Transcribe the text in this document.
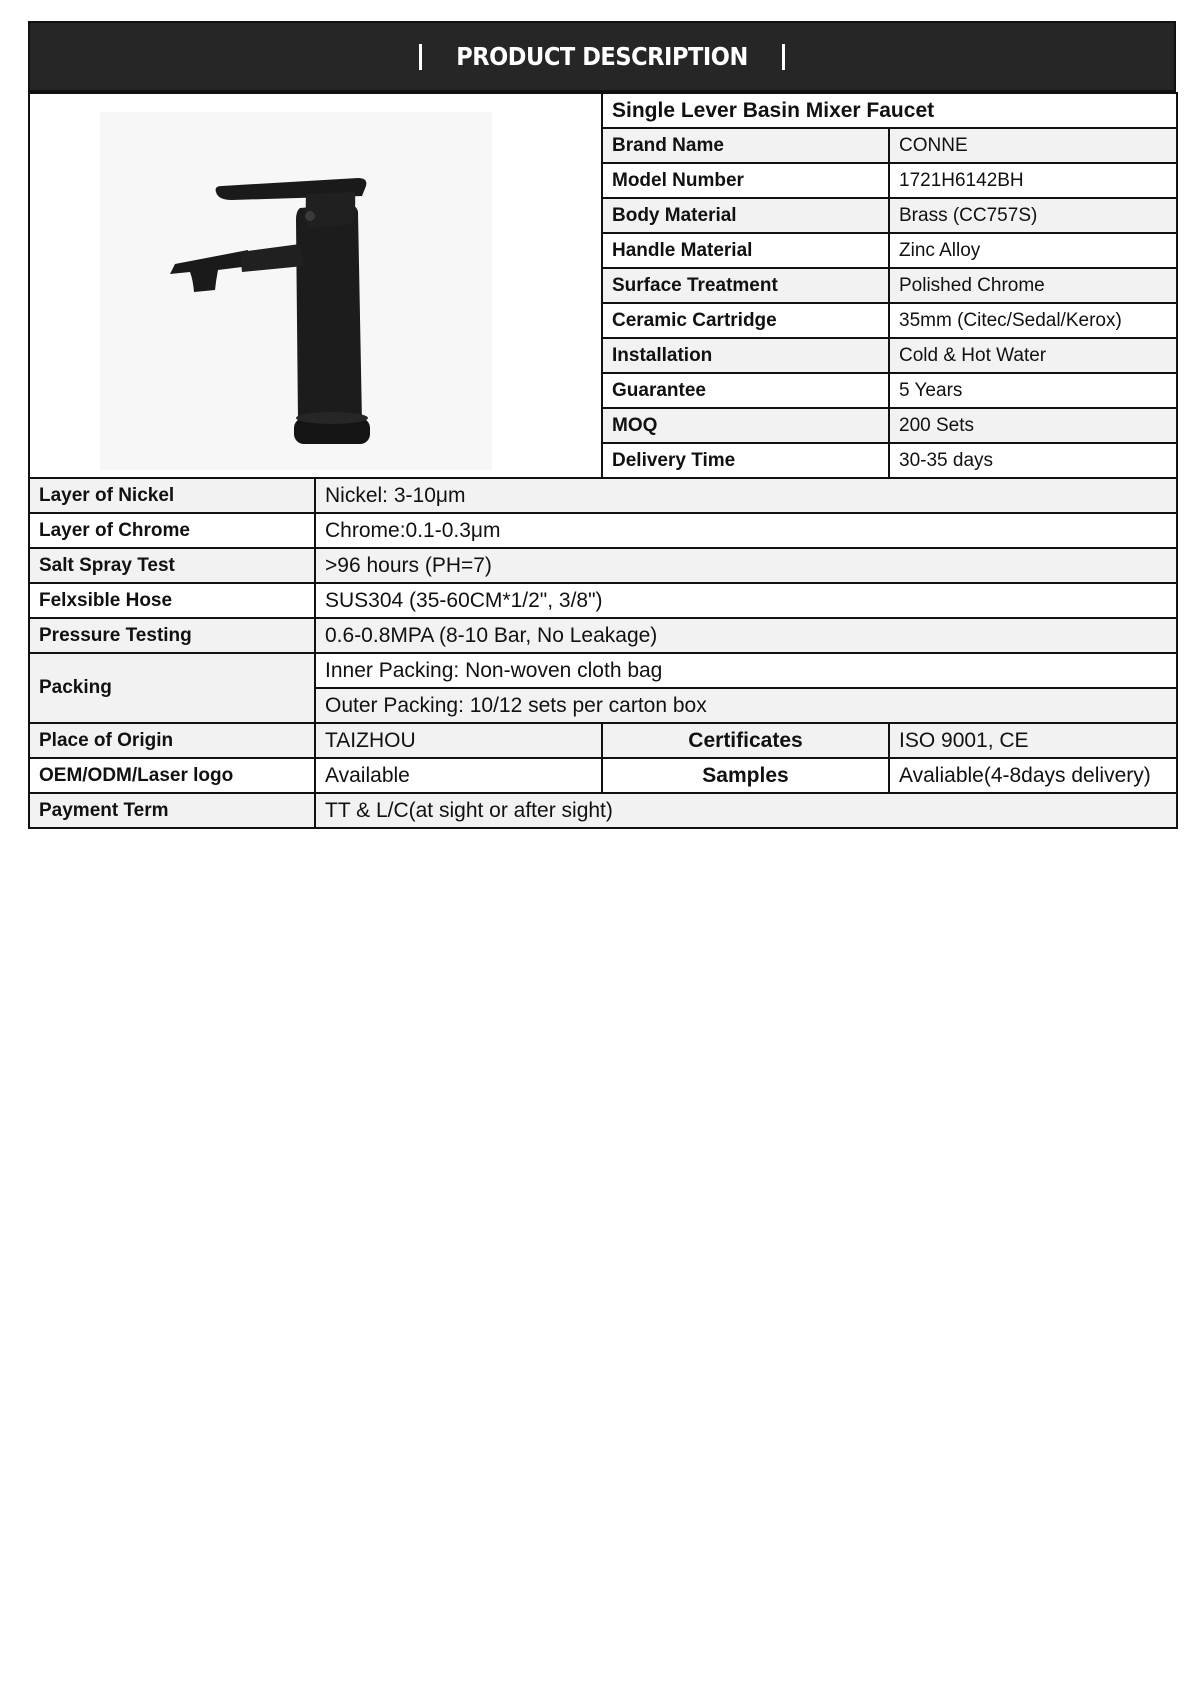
PRODUCT DESCRIPTION
	Single Lever Basin Mixer Faucet	
		Brand Name	CONNE
		Model Number	1721H6142BH
		Body Material	Brass (CC757S)
		Handle Material	Zinc Alloy
		Surface Treatment	Polished Chrome
		Ceramic Cartridge	35mm (Citec/Sedal/Kerox)
		Installation	Cold & Hot Water
		Guarantee	5 Years
		MOQ	200 Sets
		Delivery Time	30-35 days
Layer of Nickel	Nickel: 3-10μm		
Layer of Chrome	Chrome:0.1-0.3μm		
Salt Spray Test	>96 hours (PH=7)		
Felxsible Hose	SUS304 (35-60CM*1/2", 3/8")		
Pressure Testing	0.6-0.8MPA (8-10 Bar, No Leakage)		
Packing	Inner Packing: Non-woven cloth bag		
	Outer Packing: 10/12 sets per carton box		
Place of Origin	TAIZHOU	Certificates	ISO 9001, CE
OEM/ODM/Laser logo	Available	Samples	Avaliable(4-8days delivery)
Payment Term	TT & L/C(at sight or after sight)		
